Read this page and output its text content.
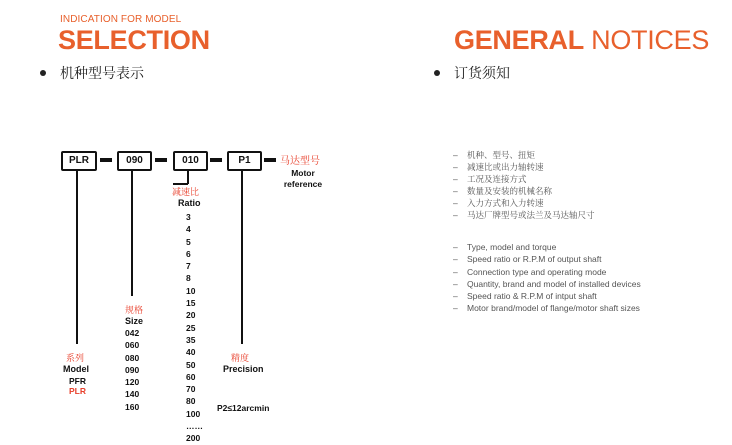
INDICATION FOR MODEL
SELECTION	GENERAL NOTICES
机种型号表示	订货须知
PLR	090	010	P1	马达型号
Motor
reference
减速比
Ratio
3
4
5
6
7
8
10
15
20
25
35
40
50
60
70
80
100
……
200
规格
Size
042
060
080
090
120
140
160
系列
Model
PFR
PLR
精度
Precision
P2≤12arcmin
–	机种、型号、扭矩
–	减速比或出力轴转速
–	工况及连接方式
–	数量及安装的机械名称
–	入力方式和入力转速
–	马达厂牌型号或法兰及马达轴尺寸
–	Type, model and torque
–	Speed ratio or R.P.M of output shaft
–	Connection type and operating mode
–	Quantity, brand and model of installed devices
–	Speed ratio & R.P.M of intput shaft
–	Motor brand/model of flange/motor shaft sizes
